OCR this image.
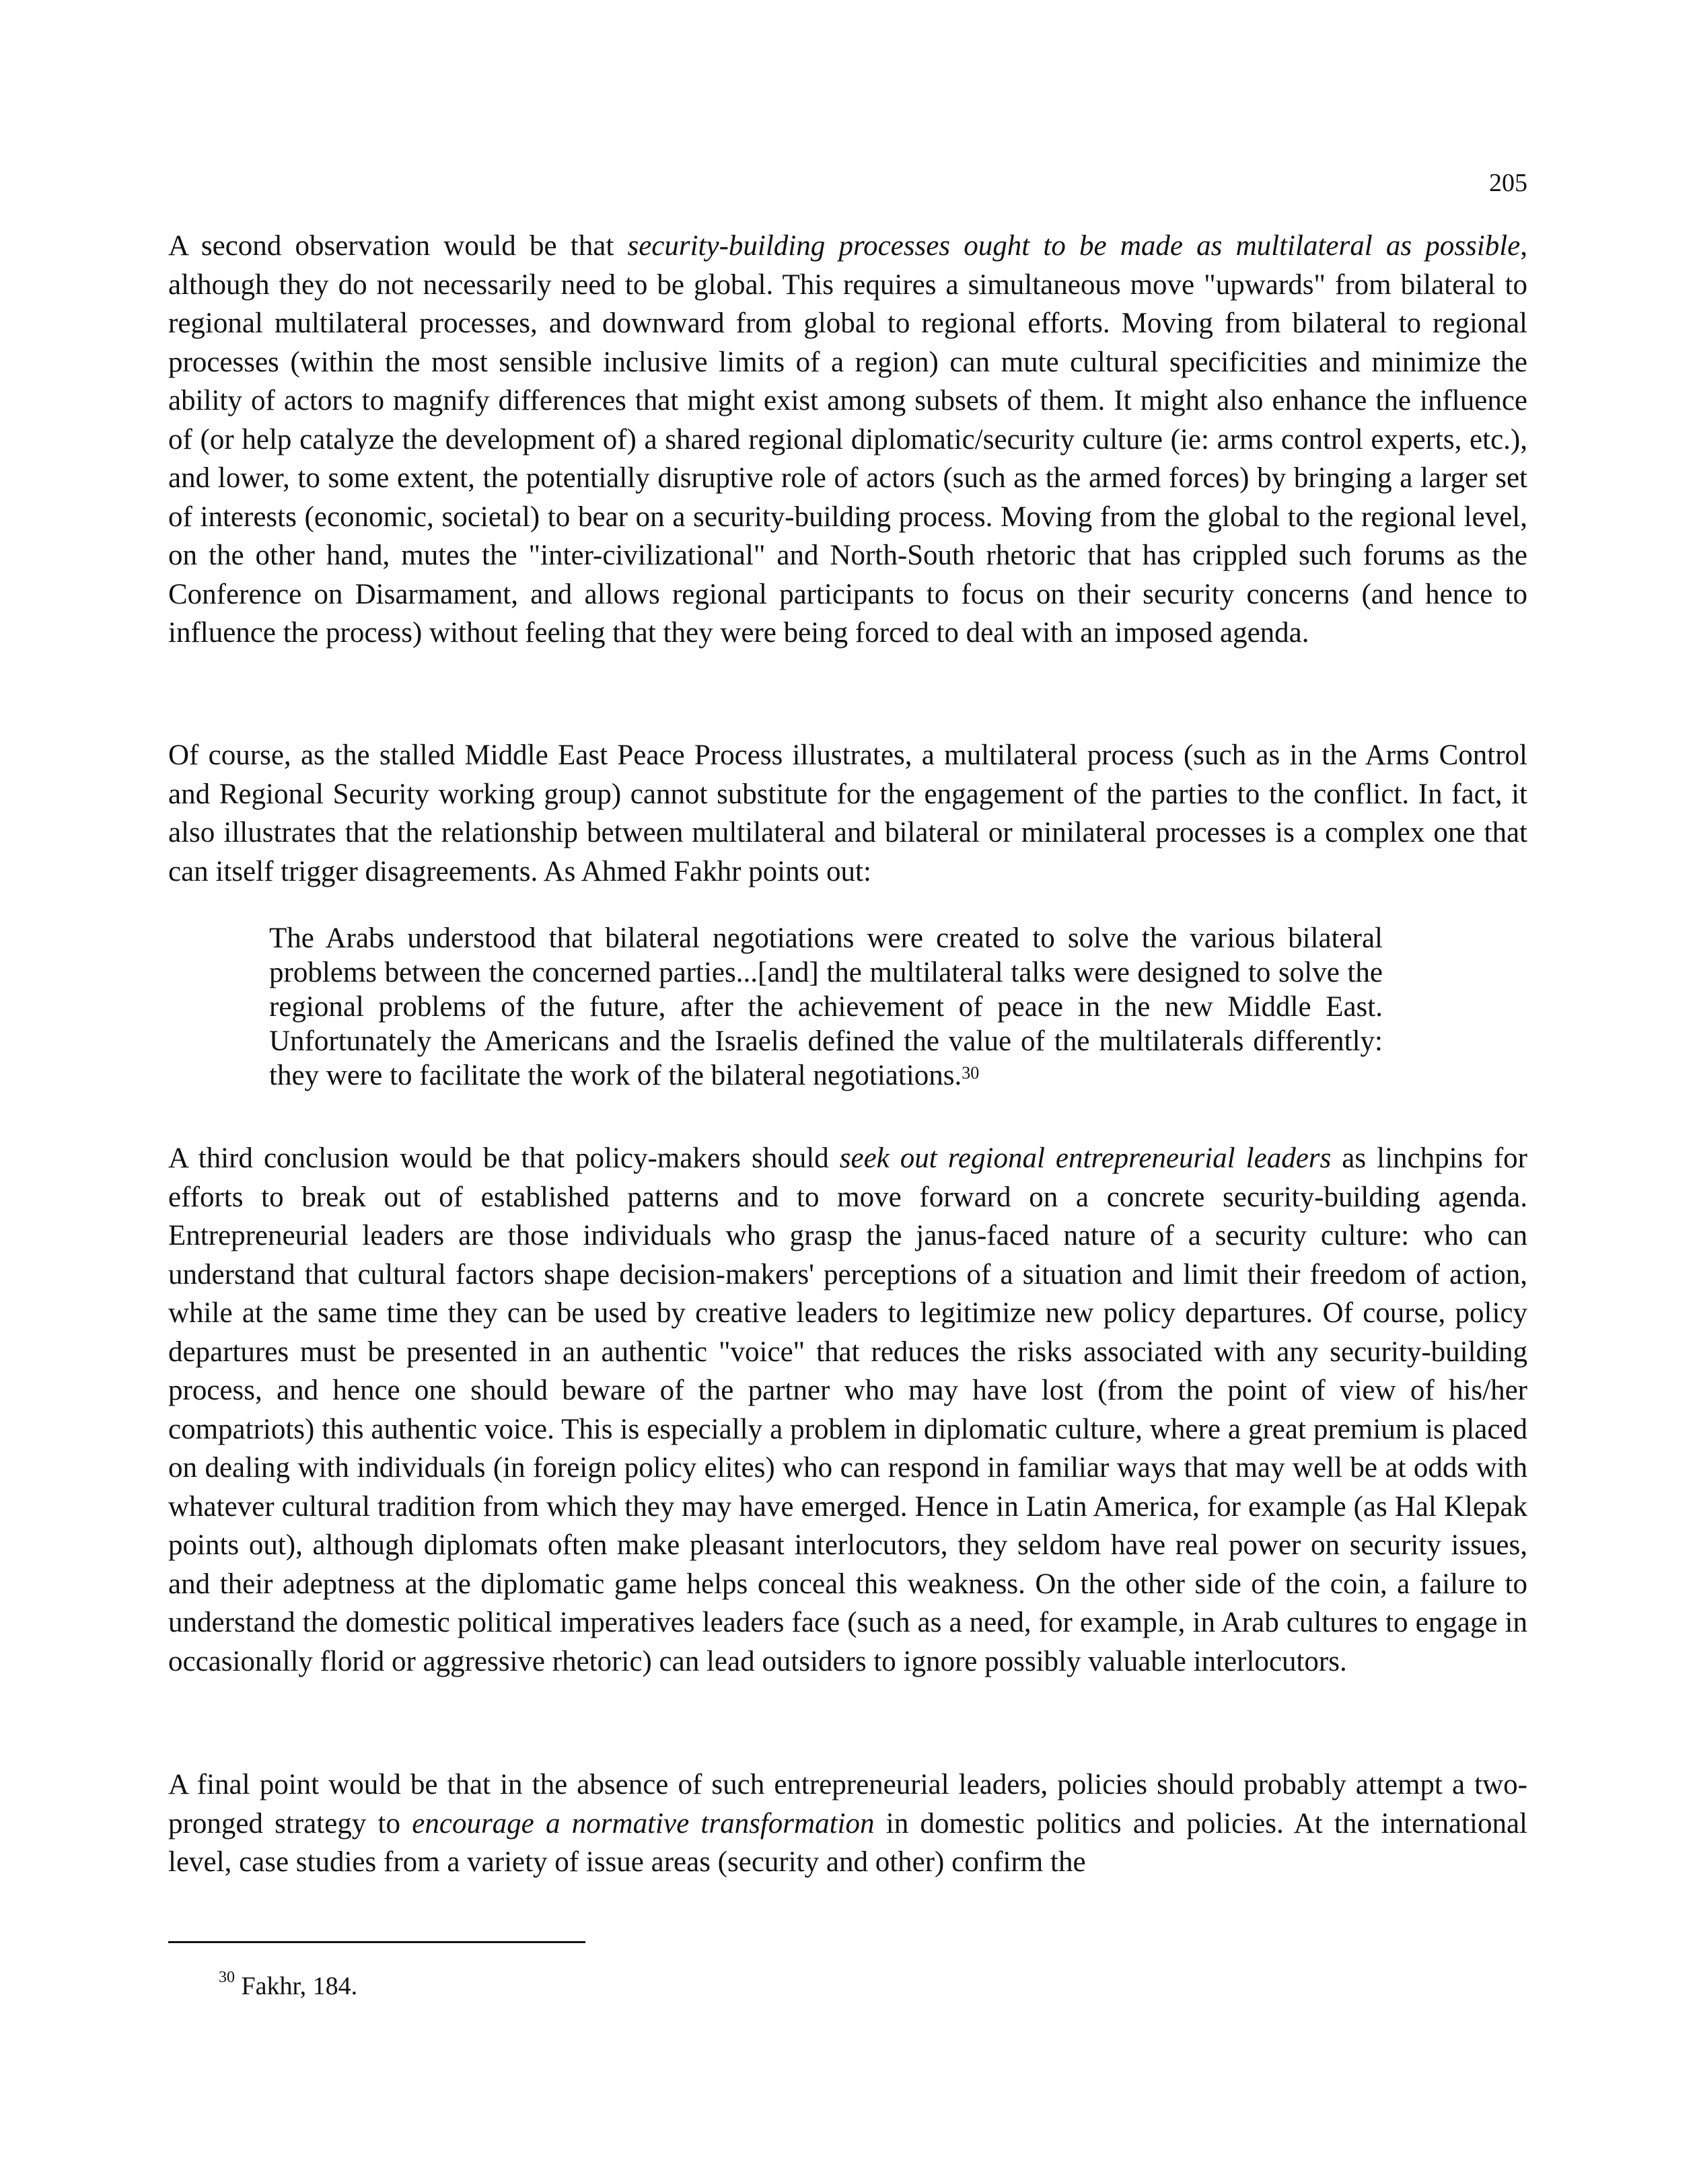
205

A second observation would be that security-building processes ought to be made as multilateral as possible, although they do not necessarily need to be global. This requires a simultaneous move "upwards" from bilateral to regional multilateral processes, and downward from global to regional efforts. Moving from bilateral to regional processes (within the most sensible inclusive limits of a region) can mute cultural specificities and minimize the ability of actors to magnify differences that might exist among subsets of them. It might also enhance the influence of (or help catalyze the development of) a shared regional diplomatic/security culture (ie: arms control experts, etc.), and lower, to some extent, the potentially disruptive role of actors (such as the armed forces) by bringing a larger set of interests (economic, societal) to bear on a security-building process. Moving from the global to the regional level, on the other hand, mutes the "inter-civilizational" and North-South rhetoric that has crippled such forums as the Conference on Disarmament, and allows regional participants to focus on their security concerns (and hence to influence the process) without feeling that they were being forced to deal with an imposed agenda.

Of course, as the stalled Middle East Peace Process illustrates, a multilateral process (such as in the Arms Control and Regional Security working group) cannot substitute for the engagement of the parties to the conflict. In fact, it also illustrates that the relationship between multilateral and bilateral or minilateral processes is a complex one that can itself trigger disagreements. As Ahmed Fakhr points out:

The Arabs understood that bilateral negotiations were created to solve the various bilateral problems between the concerned parties...[and] the multilateral talks were designed to solve the regional problems of the future, after the achievement of peace in the new Middle East. Unfortunately the Americans and the Israelis defined the value of the multilaterals differently: they were to facilitate the work of the bilateral negotiations.$^{30}$

A third conclusion would be that policy-makers should seek out regional entrepreneurial leaders as linchpins for efforts to break out of established patterns and to move forward on a concrete security-building agenda. Entrepreneurial leaders are those individuals who grasp the janus-faced nature of a security culture: who can understand that cultural factors shape decision-makers' perceptions of a situation and limit their freedom of action, while at the same time they can be used by creative leaders to legitimize new policy departures. Of course, policy departures must be presented in an authentic "voice" that reduces the risks associated with any security-building process, and hence one should beware of the partner who may have lost (from the point of view of his/her compatriots) this authentic voice. This is especially a problem in diplomatic culture, where a great premium is placed on dealing with individuals (in foreign policy elites) who can respond in familiar ways that may well be at odds with whatever cultural tradition from which they may have emerged. Hence in Latin America, for example (as Hal Klepak points out), although diplomats often make pleasant interlocutors, they seldom have real power on security issues, and their adeptness at the diplomatic game helps conceal this weakness. On the other side of the coin, a failure to understand the domestic political imperatives leaders face (such as a need, for example, in Arab cultures to engage in occasionally florid or aggressive rhetoric) can lead outsiders to ignore possibly valuable interlocutors.

A final point would be that in the absence of such entrepreneurial leaders, policies should probably attempt a two-pronged strategy to encourage a normative transformation in domestic politics and policies. At the international level, case studies from a variety of issue areas (security and other) confirm the

$^{30}$ Fakhr, 184.
